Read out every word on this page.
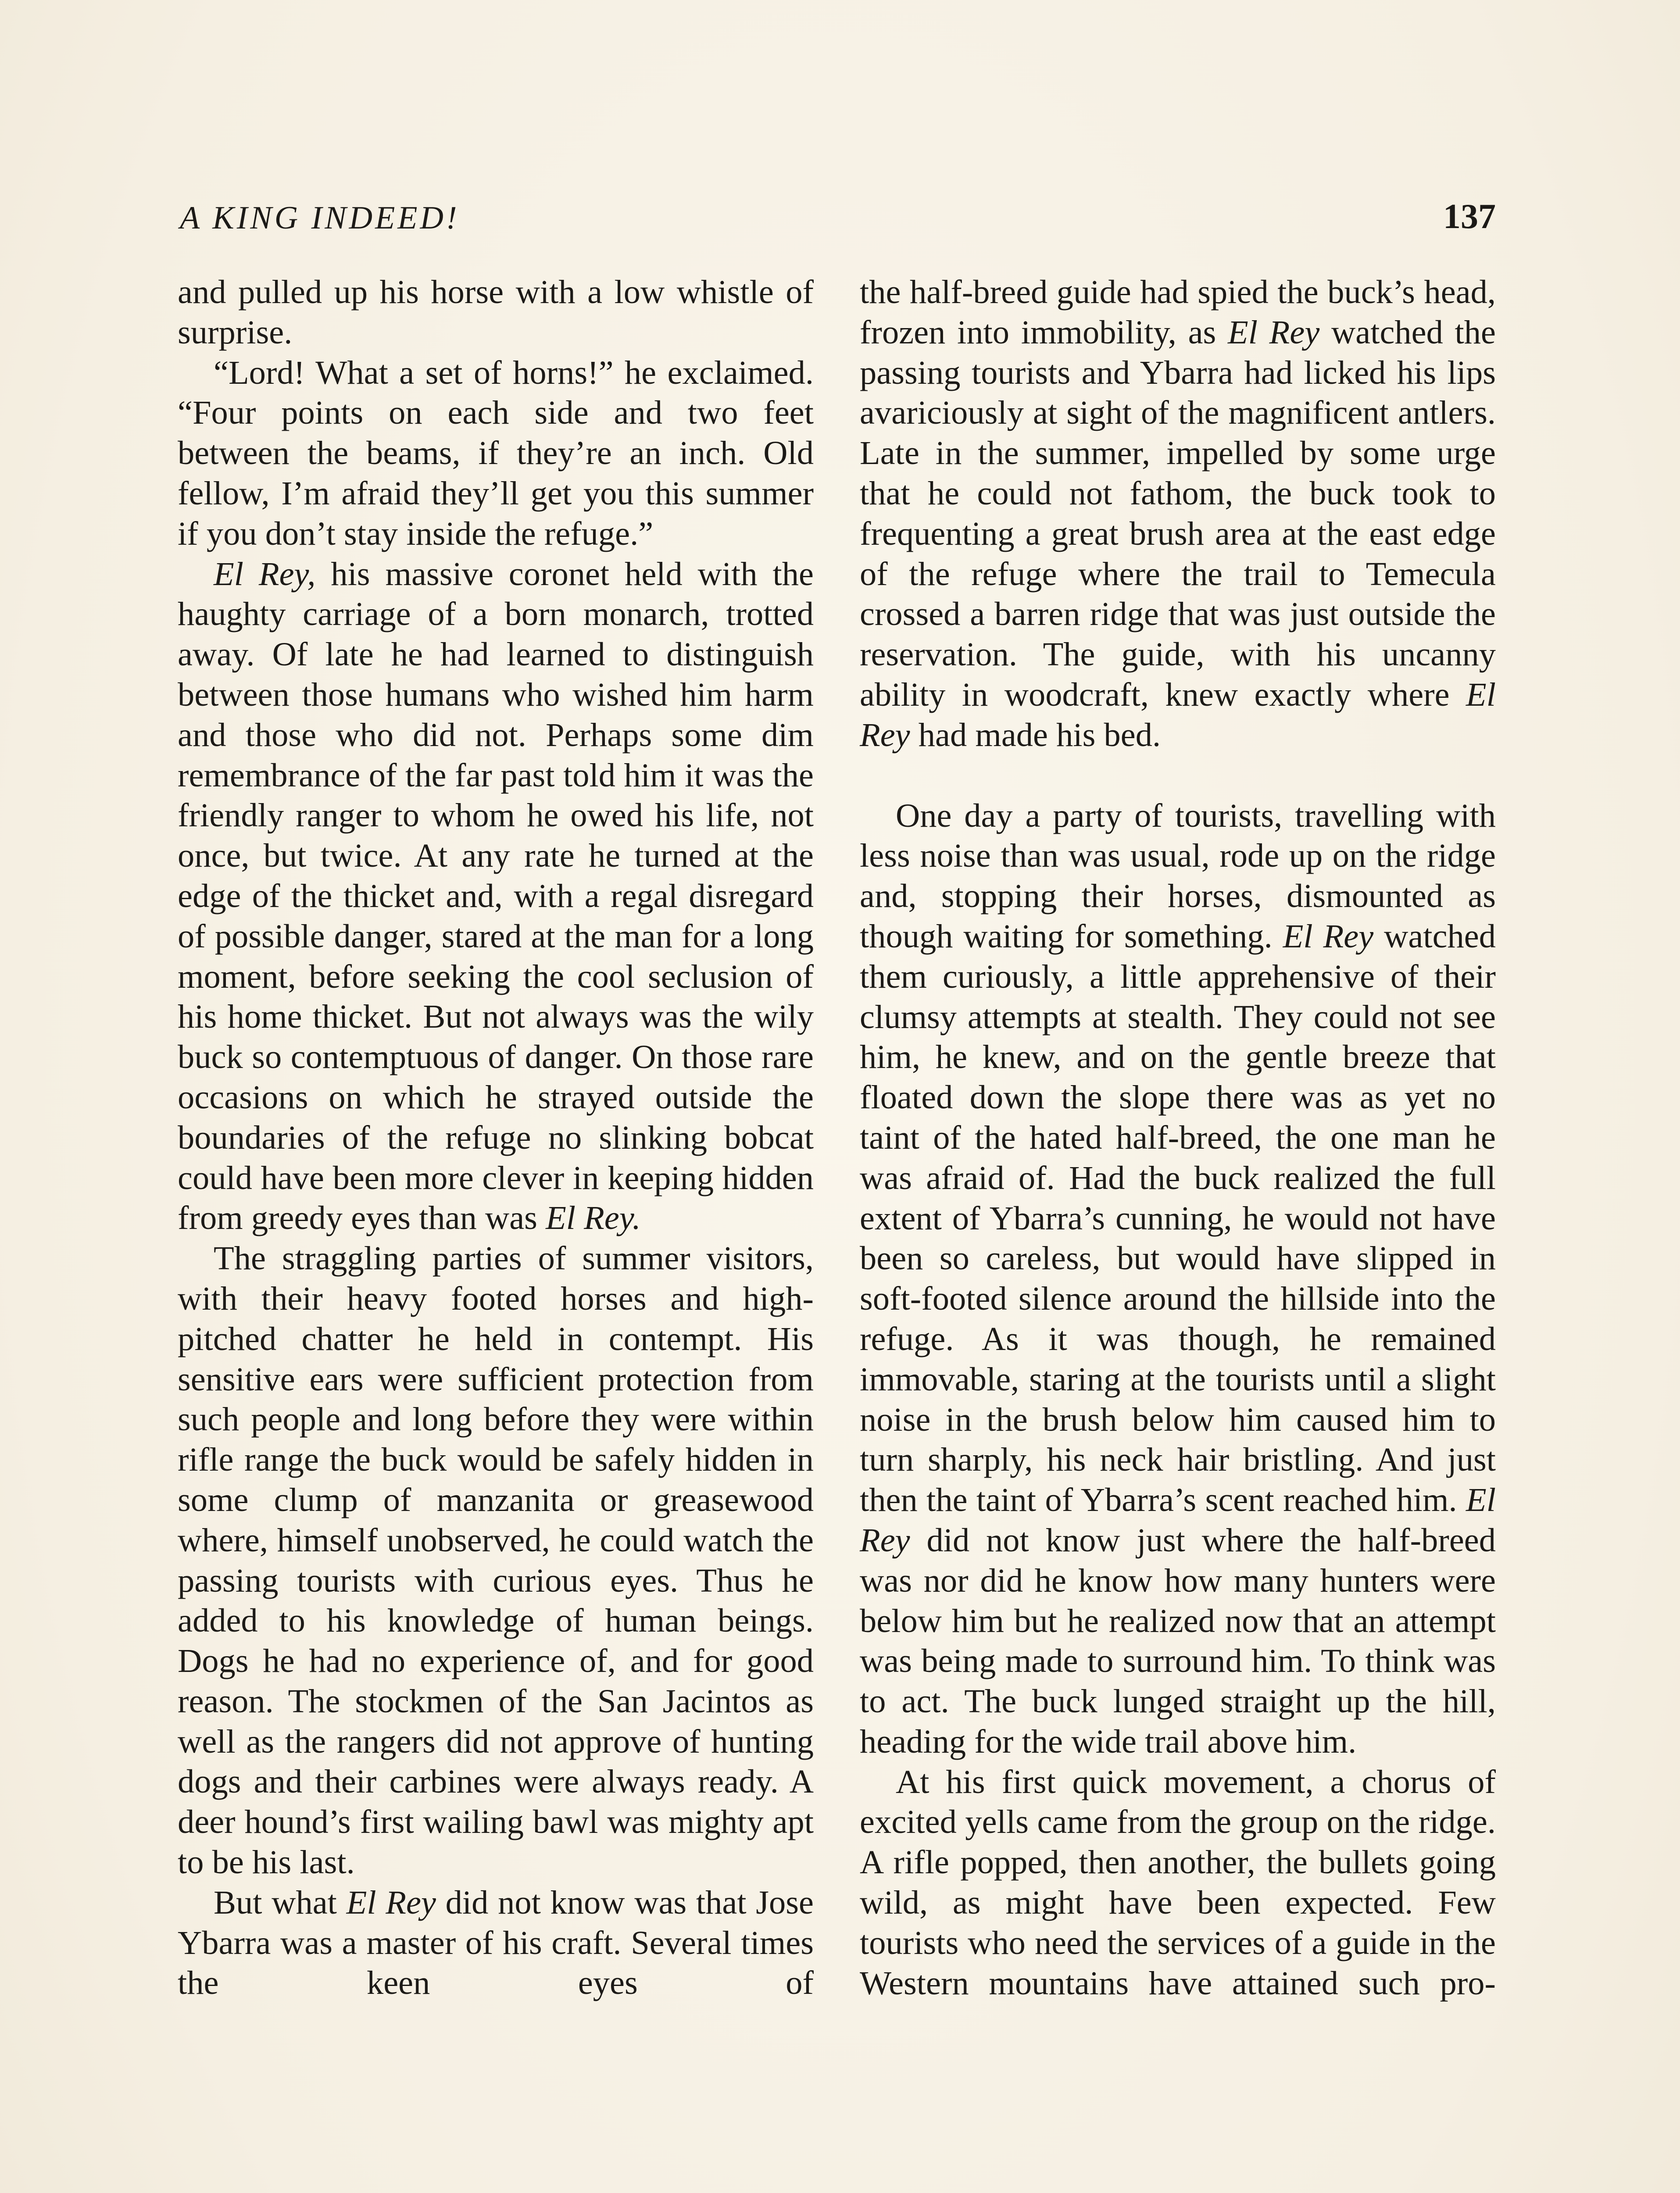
A KING INDEED!	137

and pulled up his horse with a low whistle of surprise.

“Lord! What a set of horns!” he exclaimed. “Four points on each side and two feet between the beams, if they’re an inch. Old fellow, I’m afraid they’ll get you this summer if you don’t stay inside the refuge.”

El Rey, his massive coronet held with the haughty carriage of a born monarch, trotted away. Of late he had learned to distinguish between those humans who wished him harm and those who did not. Perhaps some dim remembrance of the far past told him it was the friendly ranger to whom he owed his life, not once, but twice. At any rate he turned at the edge of the thicket and, with a regal disregard of possible danger, stared at the man for a long moment, before seeking the cool seclusion of his home thicket. But not always was the wily buck so contemptuous of danger. On those rare occasions on which he strayed outside the boundaries of the refuge no slinking bobcat could have been more clever in keeping hidden from greedy eyes than was El Rey.

The straggling parties of summer visitors, with their heavy footed horses and high-pitched chatter he held in contempt. His sensitive ears were sufficient protection from such people and long before they were within rifle range the buck would be safely hidden in some clump of manzanita or greasewood where, himself unobserved, he could watch the passing tourists with curious eyes. Thus he added to his knowledge of human beings. Dogs he had no experience of, and for good reason. The stockmen of the San Jacintos as well as the rangers did not approve of hunting dogs and their carbines were always ready. A deer hound’s first wailing bawl was mighty apt to be his last.

But what El Rey did not know was that Jose Ybarra was a master of his craft. Several times the keen eyes of

the half-breed guide had spied the buck’s head, frozen into immobility, as El Rey watched the passing tourists and Ybarra had licked his lips avariciously at sight of the magnificent antlers. Late in the summer, impelled by some urge that he could not fathom, the buck took to frequenting a great brush area at the east edge of the refuge where the trail to Temecula crossed a barren ridge that was just outside the reservation. The guide, with his uncanny ability in woodcraft, knew exactly where El Rey had made his bed.

One day a party of tourists, travelling with less noise than was usual, rode up on the ridge and, stopping their horses, dismounted as though waiting for something. El Rey watched them curiously, a little apprehensive of their clumsy attempts at stealth. They could not see him, he knew, and on the gentle breeze that floated down the slope there was as yet no taint of the hated half-breed, the one man he was afraid of. Had the buck realized the full extent of Ybarra’s cunning, he would not have been so careless, but would have slipped in soft-footed silence around the hillside into the refuge. As it was though, he remained immovable, staring at the tourists until a slight noise in the brush below him caused him to turn sharply, his neck hair bristling. And just then the taint of Ybarra’s scent reached him. El Rey did not know just where the half-breed was nor did he know how many hunters were below him but he realized now that an attempt was being made to surround him. To think was to act. The buck lunged straight up the hill, heading for the wide trail above him.

At his first quick movement, a chorus of excited yells came from the group on the ridge. A rifle popped, then another, the bullets going wild, as might have been expected. Few tourists who need the services of a guide in the Western mountains have attained such pro-
